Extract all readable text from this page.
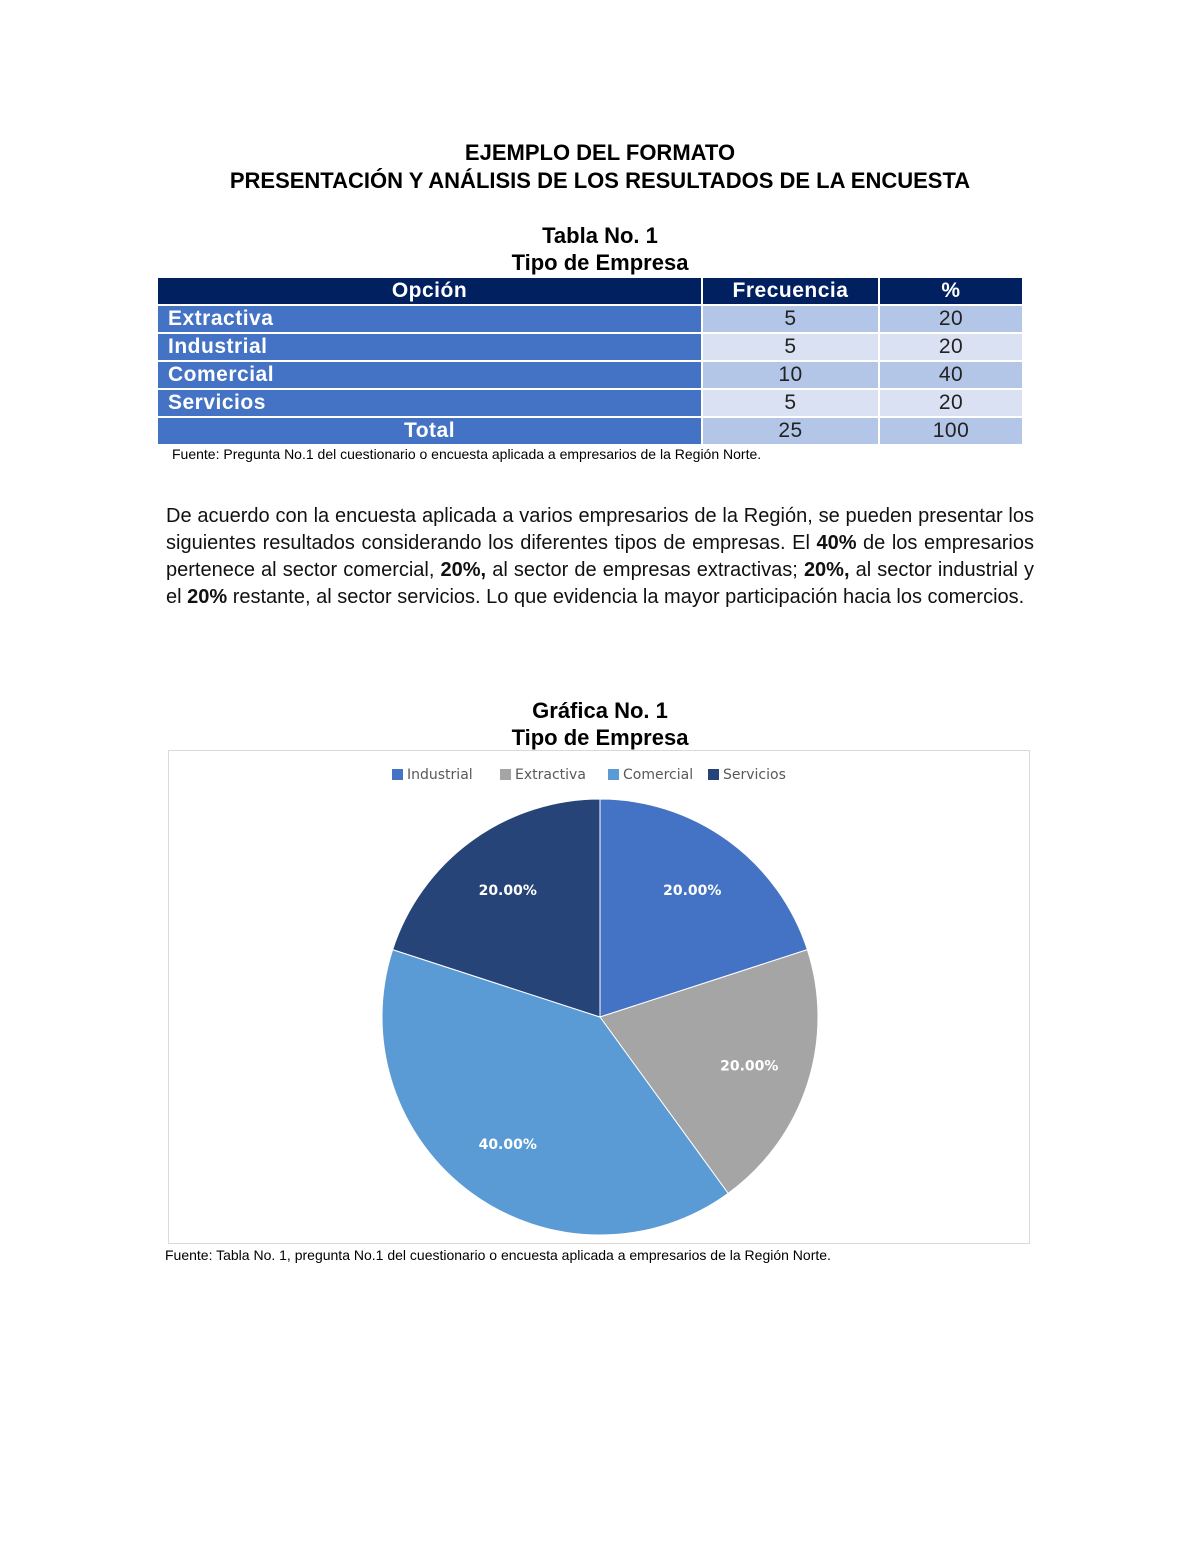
EJEMPLO DEL FORMATO
PRESENTACIÓN Y ANÁLISIS DE LOS RESULTADOS DE LA ENCUESTA
Tabla No. 1
Tipo de Empresa
Opción	Frecuencia	%
Extractiva	5	20
Industrial	5	20
Comercial	10	40
Servicios	5	20
Total	25	100
Fuente: Pregunta No.1 del cuestionario o encuesta aplicada a empresarios de la Región Norte.

De acuerdo con la encuesta aplicada a varios empresarios de la Región, se pueden presentar los siguientes resultados considerando los diferentes tipos de empresas. El 40% de los empresarios pertenece al sector comercial, 20%, al sector de empresas extractivas; 20%, al sector industrial y el 20% restante, al sector servicios. Lo que evidencia la mayor participación hacia los comercios.

Gráfica No. 1
Tipo de Empresa
Industrial	Extractiva	Comercial Servicios
20.00%
20.00%
40.00%
20.00%
Fuente: Tabla No. 1, pregunta No.1 del cuestionario o encuesta aplicada a empresarios de la Región Norte.
